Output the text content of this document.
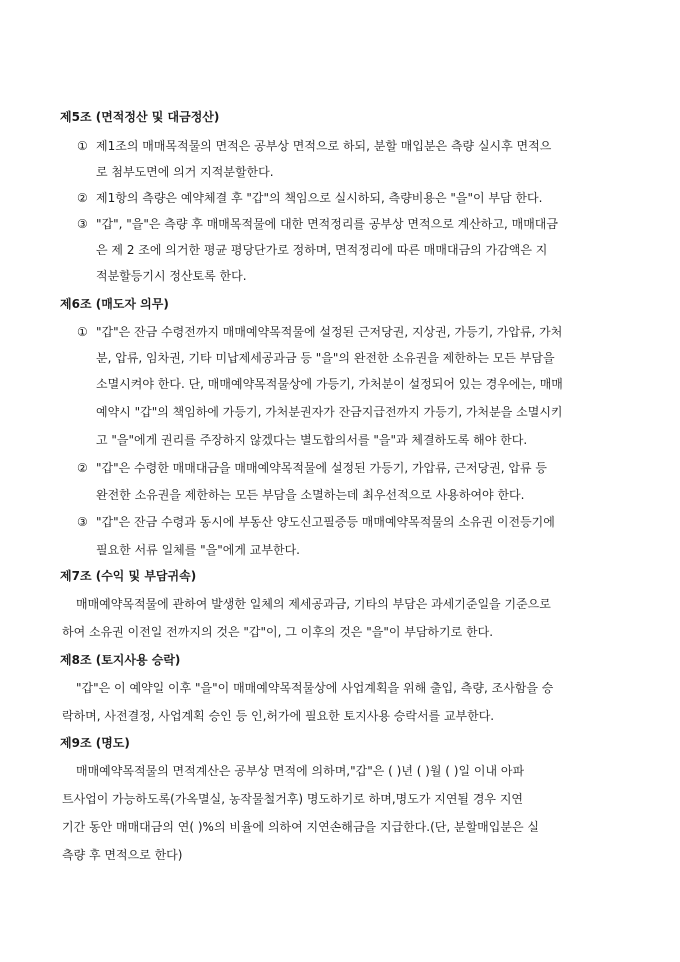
제5조 (면적정산 및 대금정산)
① 제1조의 매매목적물의 면적은 공부상 면적으로 하되, 분할 매입분은 측량 실시후 면적으
로 첨부도면에 의거 지적분할한다.
② 제1항의 측량은 예약체결 후 "갑"의 책임으로 실시하되, 측량비용은 "을"이 부담 한다.
③ "갑", "을"은 측량 후 매매목적물에 대한 면적정리를 공부상 면적으로 계산하고, 매매대금
은 제 2 조에 의거한 평균 평당단가로 정하며, 면적정리에 따른 매매대금의 가감액은 지
적분할등기시 정산토록 한다.
제6조 (매도자 의무)
① "갑"은 잔금 수령전까지 매매예약목적물에 설정된 근저당권, 지상권, 가등기, 가압류, 가처
분, 압류, 임차권, 기타 미납제세공과금 등 "을"의 완전한 소유권을 제한하는 모든 부담을
소멸시켜야 한다. 단, 매매예약목적물상에 가등기, 가처분이 설정되어 있는 경우에는, 매매
예약시 "갑"의 책임하에 가등기, 가처분권자가 잔금지급전까지 가등기, 가처분을 소멸시키
고 "을"에게 권리를 주장하지 않겠다는 별도합의서를 "을"과 체결하도록 해야 한다.
② "갑"은 수령한 매매대금을 매매예약목적물에 설정된 가등기, 가압류, 근저당권, 압류 등
완전한 소유권을 제한하는 모든 부담을 소멸하는데 최우선적으로 사용하여야 한다.
③ "갑"은 잔금 수령과 동시에 부동산 양도신고필증등 매매예약목적물의 소유권 이전등기에
필요한 서류 일체를 "을"에게 교부한다.
제7조 (수익 및 부담귀속)
매매예약목적물에 관하여 발생한 일체의 제세공과금, 기타의 부담은 과세기준일을 기준으로
하여 소유권 이전일 전까지의 것은 "갑"이, 그 이후의 것은 "을"이 부담하기로 한다.
제8조 (토지사용 승락)
"갑"은 이 예약일 이후 "을"이 매매예약목적물상에 사업계획을 위해 출입, 측량, 조사함을 승
락하며, 사전결정, 사업계획 승인 등 인,허가에 필요한 토지사용 승락서를 교부한다.
제9조 (명도)
매매예약목적물의 면적계산은 공부상 면적에 의하며,"갑"은 ( )년 ( )월 ( )일 이내 아파
트사업이 가능하도록(가옥멸실, 농작물철거후) 명도하기로 하며,명도가 지연될 경우 지연
기간 동안 매매대금의 연( )%의 비율에 의하여 지연손해금을 지급한다.(단, 분할매입분은 실
측량 후 면적으로 한다)
